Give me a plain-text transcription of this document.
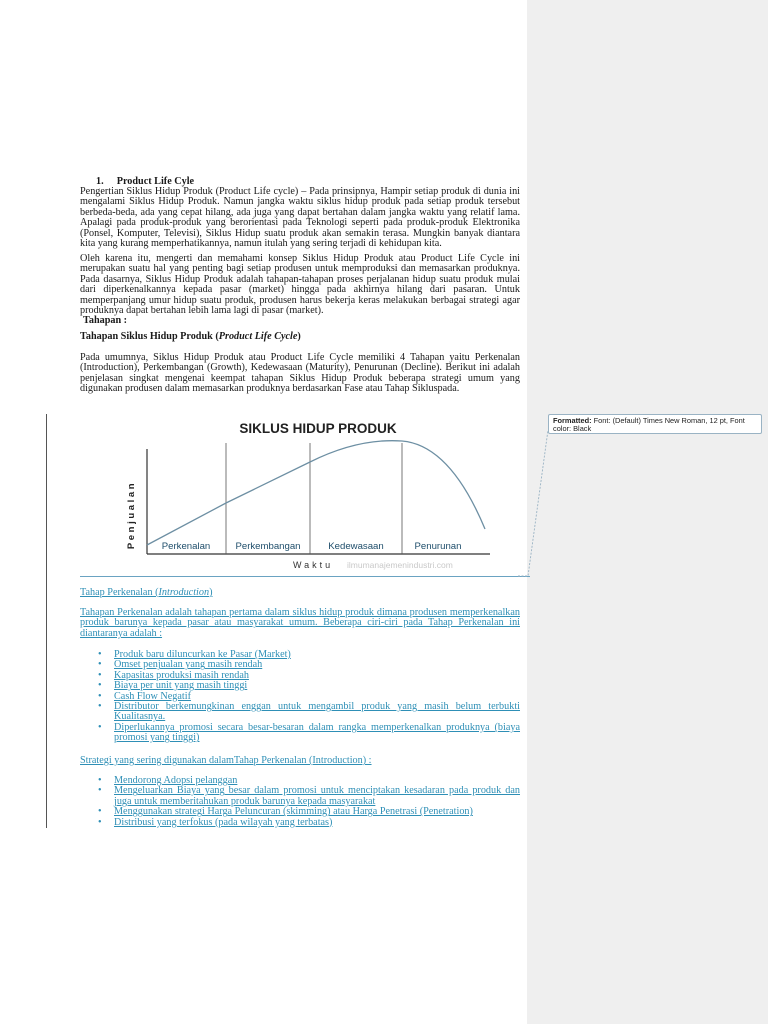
1. Product Life Cyle

Pengertian Siklus Hidup Produk (Product Life cycle) – Pada prinsipnya, Hampir setiap produk di dunia ini mengalami Siklus Hidup Produk. Namun jangka waktu siklus hidup produk pada setiap produk tersebut berbeda-beda, ada yang cepat hilang, ada juga yang dapat bertahan dalam jangka waktu yang relatif lama. Apalagi pada produk-produk yang berorientasi pada Teknologi seperti pada produk-produk Elektronika (Ponsel, Komputer, Televisi), Siklus Hidup suatu produk akan semakin terasa. Mungkin banyak diantara kita yang kurang memperhatikannya, namun itulah yang sering terjadi di kehidupan kita.

Oleh karena itu, mengerti dan memahami konsep Siklus Hidup Produk atau Product Life Cycle ini merupakan suatu hal yang penting bagi setiap produsen untuk memproduksi dan memasarkan produknya. Pada dasarnya, Siklus Hidup Produk adalah tahapan-tahapan proses perjalanan hidup suatu produk mulai dari diperkenalkannya kepada pasar (market) hingga pada akhirnya hilang dari pasaran. Untuk memperpanjang umur hidup suatu produk, produsen harus bekerja keras melakukan berbagai strategi agar produknya dapat bertahan lebih lama lagi di pasar (market).

Tahapan :

Tahapan Siklus Hidup Produk (Product Life Cycle)

Pada umumnya, Siklus Hidup Produk atau Product Life Cycle memiliki 4 Tahapan yaitu Perkenalan (Introduction), Perkembangan (Growth), Kedewasaan (Maturity), Penurunan (Decline). Berikut ini adalah penjelasan singkat mengenai keempat tahapan Siklus Hidup Produk beberapa strategi umum yang digunakan produsen dalam memasarkan produknya berdasarkan Fase atau Tahap Sikluspada.

SIKLUS HIDUP PRODUK
Penjualan	Perkenalan	Perkembangan	Kedewasaan	Penurunan
Waktu ilmumanajemenindustri.com
Tahap Perkenalan (Introduction)

Tahapan Perkenalan adalah tahapan pertama dalam siklus hidup produk dimana produsen memperkenalkan produk barunya kepada pasar atau masyarakat umum. Beberapa ciri-ciri pada Tahap Perkenalan ini diantaranya adalah :

• Produk baru diluncurkan ke Pasar (Market)
• Omset penjualan yang masih rendah
• Kapasitas produksi masih rendah
• Biaya per unit yang masih tinggi
• Cash Flow Negatif
• Distributor berkemungkinan enggan untuk mengambil produk yang masih belum terbukti Kualitasnya.
• Diperlukannya promosi secara besar-besaran dalam rangka memperkenalkan produknya (biaya promosi yang tinggi)

Strategi yang sering digunakan dalamTahap Perkenalan (Introduction) :

• Mendorong Adopsi pelanggan
• Mengeluarkan Biaya yang besar dalam promosi untuk menciptakan kesadaran pada produk dan juga untuk memberitahukan produk barunya kepada masyarakat
• Menggunakan strategi Harga Peluncuran (skimming) atau Harga Penetrasi (Penetration)
• Distribusi yang terfokus (pada wilayah yang terbatas)
Formatted: Font: (Default) Times New Roman, 12 pt, Font color: Black
